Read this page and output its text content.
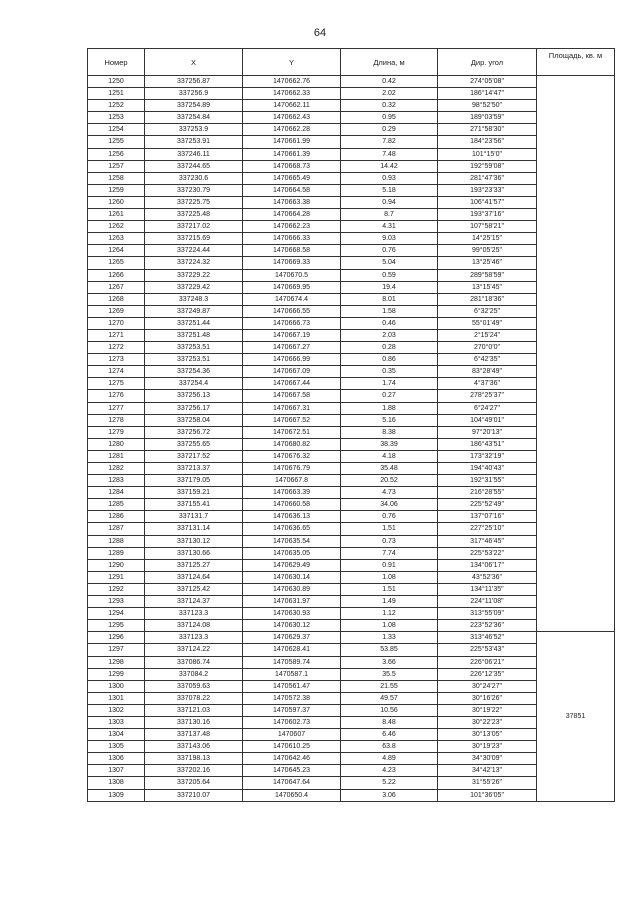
64
Номер	X	Y	Длина, м	Дир. угол	Площадь, кв. м
1250	337256.87	1470662.76	0.42	274°05'08"	
1251	337256.9	1470662.33	2.02	186°14'47"	
1252	337254.89	1470662.11	0.32	98°52'50"	
1253	337254.84	1470662.43	0.95	189°03'59"	
1254	337253.9	1470662.28	0.29	271°58'30"	
1255	337253.91	1470661.99	7.82	184°23'56"	
1256	337246.11	1470661.39	7.48	101°15'0"	
1257	337244.65	1470668.73	14.42	192°59'08"	
1258	337230.6	1470665.49	0.93	281°47'36"	
1259	337230.79	1470664.58	5.18	193°23'33"	
1260	337225.75	1470663.38	0.94	106°41'57"	
1261	337225.48	1470664.28	8.7	193°37'16"	
1262	337217.02	1470662.23	4.31	107°58'21"	
1263	337215.69	1470666.33	9.03	14°25'15"	
1264	337224.44	1470668.58	0.76	99°05'25"	
1265	337224.32	1470669.33	5.04	13°25'46"	
1266	337229.22	1470670.5	0.59	289°58'59"	
1267	337229.42	1470669.95	19.4	13°15'45"	
1268	337248.3	1470674.4	8.01	281°18'36"	
1269	337249.87	1470666.55	1.58	6°32'25"	
1270	337251.44	1470666.73	0.46	55°01'49"	
1271	337251.48	1470667.19	2.03	2°15'24"	
1272	337253.51	1470667.27	0.28	270°0'0"	
1273	337253.51	1470666.99	0.86	6°42'35"	
1274	337254.36	1470667.09	0.35	83°28'49"	
1275	337254.4	1470667.44	1.74	4°37'36"	
1276	337256.13	1470667.58	0.27	278°25'37"	
1277	337256.17	1470667.31	1.88	6°24'27"	
1278	337258.04	1470667.52	5.16	104°49'01"	
1279	337256.72	1470672.51	8.38	97°20'13"	
1280	337255.65	1470680.82	38.39	186°43'51"	
1281	337217.52	1470676.32	4.18	173°32'19"	
1282	337213.37	1470676.79	35.48	194°40'43"	
1283	337179.05	1470667.8	20.52	192°31'55"	
1284	337159.21	1470663.39	4.73	216°28'55"	
1285	337155.41	1470660.58	34.06	225°52'49"	
1286	337131.7	1470636.13	0.76	137°07'16"	
1287	337131.14	1470636.65	1.51	227°25'10"	
1288	337130.12	1470635.54	0.73	317°46'45"	
1289	337130.66	1470635.05	7.74	225°53'22"	
1290	337125.27	1470629.49	0.91	134°06'17"	
1291	337124.64	1470630.14	1.08	43°52'36"	
1292	337125.42	1470630.89	1.51	134°11'35"	
1293	337124.37	1470631.97	1.49	224°11'08"	
1294	337123.3	1470630.93	1.12	313°55'09"	
1295	337124.08	1470630.12	1.08	223°52'36"	
1296	337123.3	1470629.37	1.33	313°46'52"	37851
1297	337124.22	1470628.41	53.85	225°53'43"	
1298	337086.74	1470589.74	3.66	226°06'21"	
1299	337084.2	1470587.1	35.5	226°12'35"	
1300	337059.63	1470561.47	21.55	30°24'27"	
1301	337078.22	1470572.38	49.57	30°16'26"	
1302	337121.03	1470597.37	10.56	30°19'22"	
1303	337130.16	1470602.73	8.48	30°22'23"	
1304	337137.48	1470607	6.46	30°13'05"	
1305	337143.06	1470610.25	63.8	30°19'23"	
1306	337198.13	1470642.46	4.89	34°30'09"	
1307	337202.16	1470645.23	4.23	34°42'13"	
1308	337205.64	1470647.64	5.22	31°55'26"	
1309	337210.07	1470650.4	3.06	101°36'05"	
